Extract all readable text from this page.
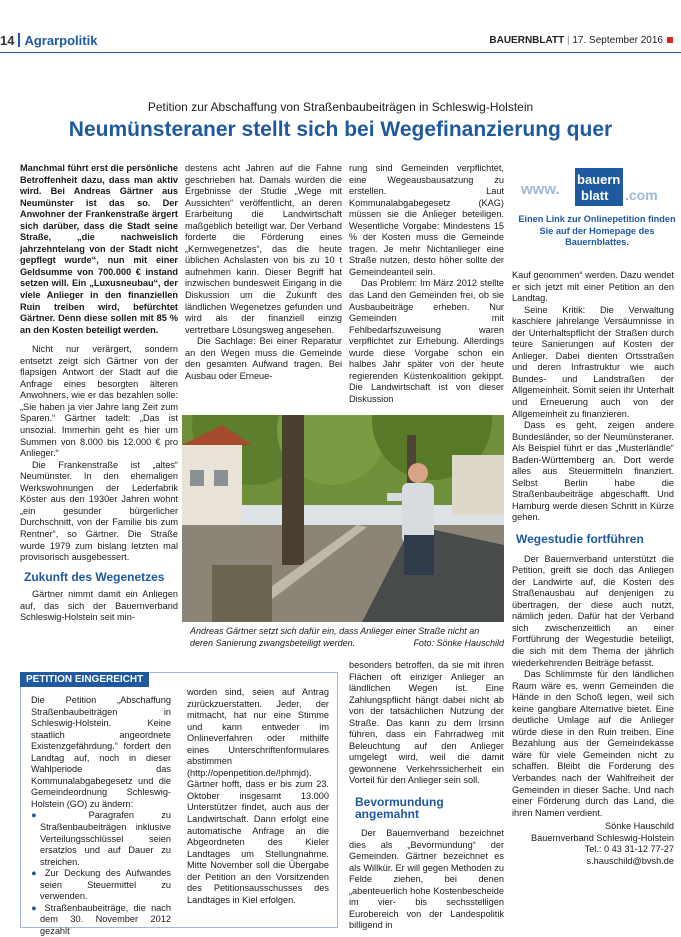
14 Agrarpolitik	BAUERNBLATT | 17. September 2016
Petition zur Abschaffung von Straßenbaubeiträgen in Schleswig-Holstein
Neumünsteraner stellt sich bei Wegefinanzierung quer

Manchmal führt erst die persönliche Betroffenheit dazu, dass man aktiv wird. Bei Andreas Gärtner aus Neumünster ist das so. Der Anwohner der Frankenstraße ärgert sich darüber, dass die Stadt seine Straße, „die nachweislich jahrzehntelang von der Stadt nicht gepflegt wurde“, nun mit einer Geldsumme von 700.000 € instand setzen will. Ein „Luxusneubau“, der viele Anlieger in den finanziellen Ruin treiben wird, befürchtet Gärtner. Denn diese sollen mit 85 % an den Kosten beteiligt werden.

Nicht nur verärgert, sondern entsetzt zeigt sich Gärtner von der flapsigen Antwort der Stadt auf die Anfrage eines besorgten älteren Anwohners, wie er das bezahlen solle: „Sie haben ja vier Jahre lang Zeit zum Sparen.“ Gärtner tadelt: „Das ist unsozial. Immerhin geht es hier um Summen von 8.000 bis 12.000 € pro Anlieger.“

Die Frankenstraße ist „altes“ Neumünster. In den ehemaligen Werkswohnungen der Lederfabrik Köster aus den 1930er Jahren wohnt „ein gesunder bürgerlicher Durchschnitt, von der Familie bis zum Rentner“, so Gärtner. Die Straße wurde 1979 zum bislang letzten mal provisorisch ausgebessert.

Zukunft des Wegenetzes

Gärtner nimmt damit ein Anliegen auf, das sich der Bauernverband Schleswig-Holstein seit min-

destens acht Jahren auf die Fahne geschrieben hat. Damals wurden die Ergebnisse der Studie „Wege mit Aussichten“ veröffentlicht, an deren Erarbeitung die Landwirtschaft maßgeblich beteiligt war. Der Verband forderte die Förderung eines „Kernwegenetzes“, das die heute üblichen Achslasten von bis zu 10 t aufnehmen kann. Dieser Begriff hat inzwischen bundesweit Eingang in die Diskussion um die Zukunft des ländlichen Wegenetzes gefunden und wird als der finanziell einzig vertretbare Lösungsweg angesehen.

Die Sachlage: Bei einer Reparatur an den Wegen muss die Gemeinde den gesamten Aufwand tragen. Bei Ausbau oder Erneue-

rung sind Gemeinden verpflichtet, eine Wegeausbausatzung zu erstellen. Laut Kommunalabgabegesetz (KAG) müssen sie die Anlieger beteiligen. Wesentliche Vorgabe: Mindestens 15 % der Kosten muss die Gemeinde tragen. Je mehr Nichtanlieger eine Straße nutzen, desto höher sollte der Gemeindeanteil sein.

Das Problem: Im März 2012 stellte das Land den Gemeinden frei, ob sie Ausbaubeiträge erheben. Nur Gemeinden mit Fehlbedarfszuweisung waren verpflichtet zur Erhebung. Allerdings wurde diese Vorgabe schon ein halbes Jahr später von der heute regierenden Küstenkoalition gekippt. Die Landwirtschaft ist von dieser Diskussion

Andreas Gärtner setzt sich dafür ein, dass Anlieger einer Straße nicht an deren Sanierung zwangsbeteiligt werden.	Foto: Sönke Hauschild

besonders betroffen, da sie mit ihren Flächen oft einziger Anlieger an ländlichen Wegen ist. Eine Zahlungspflicht hängt dabei nicht ab von der tatsächlichen Nutzung der Straße. Das kann zu dem Irrsinn führen, dass ein Fahrradweg mit Beleuchtung auf den Anlieger umgelegt wird, weil die damit gewonnene Verkehrssicherheit ein Vorteil für den Anlieger sein soll.

Bevormundung angemahnt

Der Bauernverband bezeichnet dies als „Bevormundung“ der Gemeinden. Gärtner bezeichnet es als Willkür. Er will gegen Methoden zu Felde ziehen, bei denen „abenteuerlich hohe Kostenbescheide im vier- bis sechsstelligen Eurobereich von der Landespolitik billigend in

www.
bauern
blatt .com
Einen Link zur Onlinepetition finden Sie auf der Homepage des Bauernblattes.

Kauf genommen“ werden. Dazu wendet er sich jetzt mit einer Petition an den Landtag.

Seine Kritik: Die Verwaltung kaschiere jahrelange Versäumnisse in der Unterhaltspflicht der Straßen durch teure Sanierungen auf Kosten der Anlieger. Dabei dienten Ortsstraßen und deren Infrastruktur wie auch Bundes- und Landstraßen der Allgemeinheit. Somit seien ihr Unterhalt und Erneuerung auch von der Allgemeinheit zu finanzieren.

Dass es geht, zeigen andere Bundesländer, so der Neumünsteraner. Als Beispiel führt er das „Musterländle“ Baden-Württemberg an. Dort werde alles aus Steuermitteln finanziert. Selbst Berlin habe die Straßenbaubeiträge abgeschafft. Und Hamburg werde diesen Schritt in Kürze gehen.

Wegestudie fortführen

Der Bauernverband unterstützt die Petition, greift sie doch das Anliegen der Landwirte auf, die Kosten des Straßenausbau auf denjenigen zu übertragen, der diese auch nutzt, nämlich jeden. Dafür hat der Verband sich zwischenzeitlich an einer Fortführung der Wegestudie beteiligt, die sich mit dem Thema der jährlich wiederkehrenden Beiträge befasst.

Das Schlimmste für den ländlichen Raum wäre es, wenn Gemeinden die Hände in den Schoß legen, weil sich keine gangbare Alternative bietet. Eine deutliche Umlage auf die Anlieger würde diese in den Ruin treiben. Eine Bezahlung aus der Gemeindekasse wäre für viele Gemeinden nicht zu schaffen. Bleibt die Forderung des Verbandes nach der Wahlfreiheit der Gemeinden in dieser Sache. Und nach einer Förderung durch das Land, die ihren Namen verdient.

Sönke Hauschild
Bauernverband Schleswig-Holstein
Tel.: 0 43 31-12 77-27
s.hauschild@bvsh.de
PETITION EINGEREICHT

Die Petition „Abschaffung Straßenbaubeiträgen in Schleswig-Holstein. Keine staatlich angeordnete Existenzgefährdung.“ fordert den Landtag auf, noch in dieser Wahlperiode das Kommunalabgabegesetz und die Gemeindeordnung Schleswig-Holstein (GO) zu ändern:

● Paragrafen zu Straßenbaubeiträgen inklusive Verteilungsschlüssel seien ersatzlos und auf Dauer zu streichen.

● Zur Deckung des Aufwandes seien Steuermittel zu verwenden.

● Straßenbaubeiträge, die nach dem 30. November 2012 gezahlt

worden sind, seien auf Antrag zurückzuerstatten. Jeder, der mitmacht, hat nur eine Stimme und kann entweder im Onlineverfahren oder mithilfe eines Unterschriftenformulares abstimmen (http://openpetition.de/!phmjd). Gärtner hofft, dass er bis zum 23. Oktober insgesamt 13.000 Unterstützer findet, auch aus der Landwirtschaft. Dann erfolgt eine automatische Anfrage an die Abgeordneten des Kieler Landtages um Stellungnahme. Mitte November soll die Übergabe der Petition an den Vorsitzenden des Petitionsausschusses des Landtages in Kiel erfolgen.
